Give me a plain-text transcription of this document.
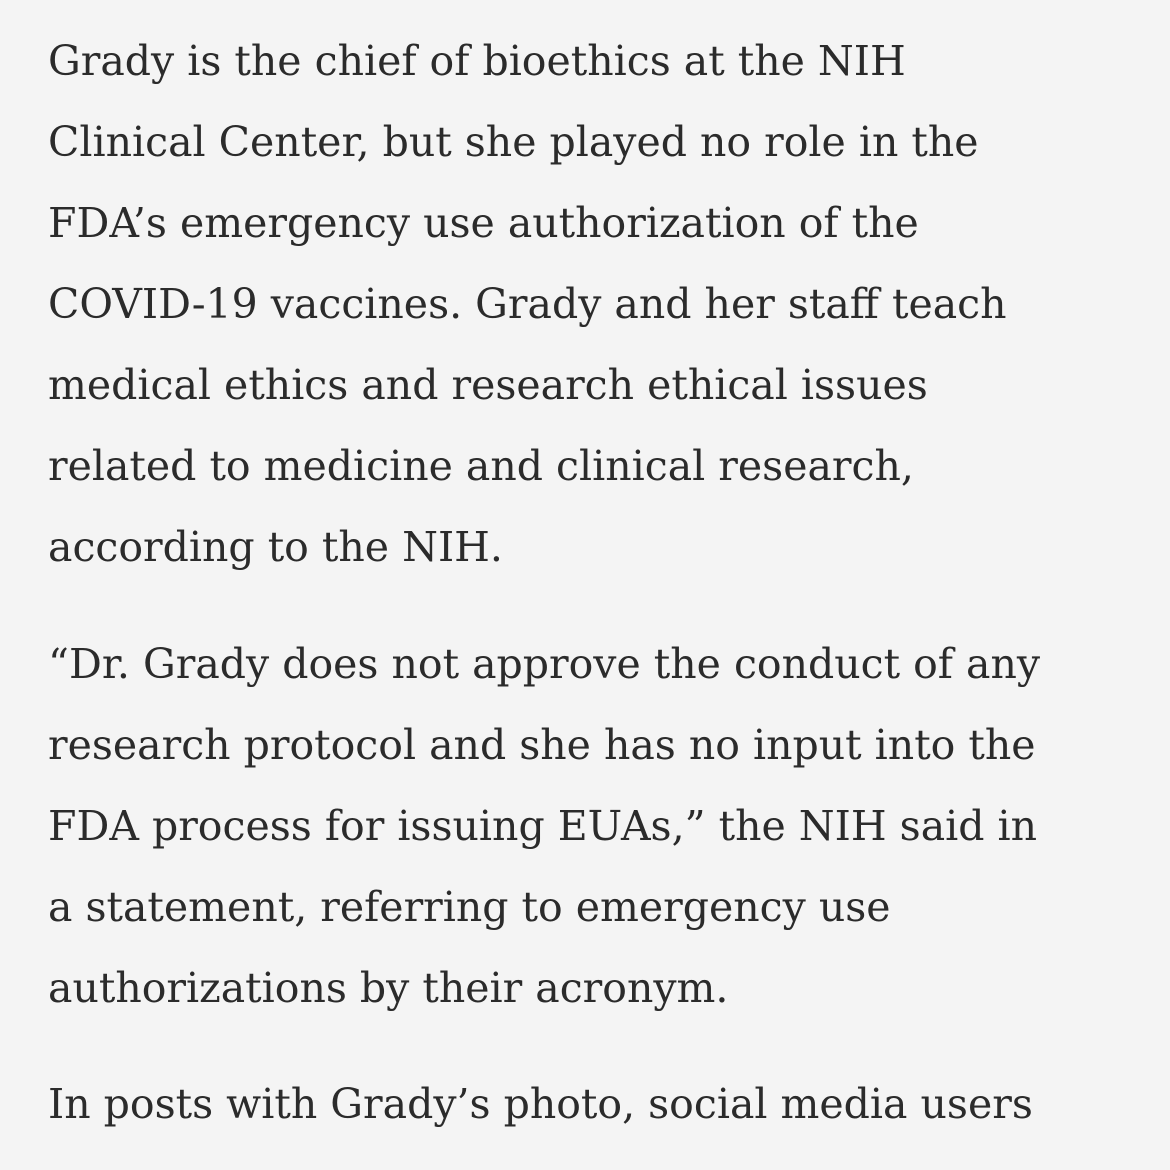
Grady is the chief of bioethics at the NIH
Clinical Center, but she played no role in the
FDA’s emergency use authorization of the
COVID-19 vaccines. Grady and her staff teach
medical ethics and research ethical issues
related to medicine and clinical research,
according to the NIH.

“Dr. Grady does not approve the conduct of any
research protocol and she has no input into the
FDA process for issuing EUAs,” the NIH said in
a statement, referring to emergency use
authorizations by their acronym.

In posts with Grady’s photo, social media users
